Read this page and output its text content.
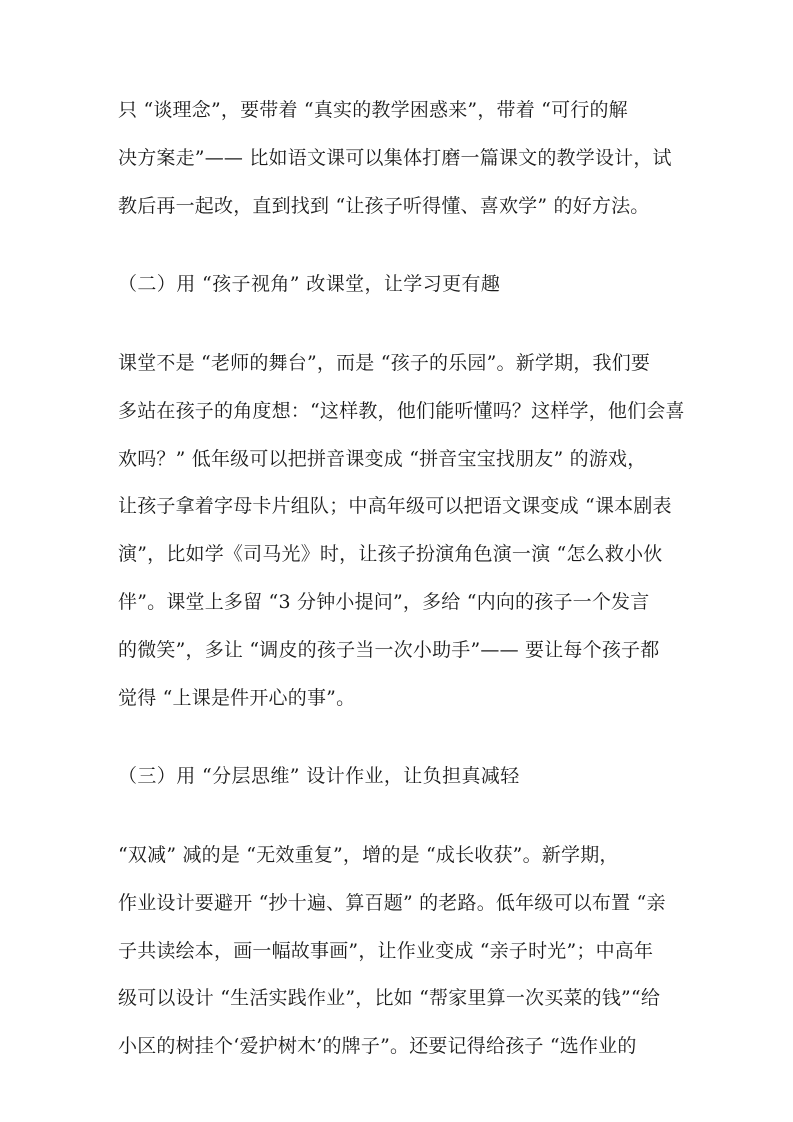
只 “谈理念”，要带着 “真实的教学困惑来”，带着 “可行的解
决方案走”—— 比如语文课可以集体打磨一篇课文的教学设计，试
教后再一起改，直到找到 “让孩子听得懂、喜欢学” 的好方法。
（二）用 “孩子视角” 改课堂，让学习更有趣
课堂不是 “老师的舞台”，而是 “孩子的乐园”。新学期，我们要
多站在孩子的角度想：“这样教，他们能听懂吗？这样学，他们会喜
欢吗？” 低年级可以把拼音课变成 “拼音宝宝找朋友” 的游戏，
让孩子拿着字母卡片组队；中高年级可以把语文课变成 “课本剧表
演”，比如学《司马光》时，让孩子扮演角色演一演 “怎么救小伙
伴”。课堂上多留 “3 分钟小提问”，多给 “内向的孩子一个发言
的微笑”，多让 “调皮的孩子当一次小助手”—— 要让每个孩子都
觉得 “上课是件开心的事”。
（三）用 “分层思维” 设计作业，让负担真减轻
“双减” 减的是 “无效重复”，增的是 “成长收获”。新学期，
作业设计要避开 “抄十遍、算百题” 的老路。低年级可以布置 “亲
子共读绘本，画一幅故事画”，让作业变成 “亲子时光”；中高年
级可以设计 “生活实践作业”，比如 “帮家里算一次买菜的钱”“给
小区的树挂个‘爱护树木’的牌子”。还要记得给孩子 “选作业的
